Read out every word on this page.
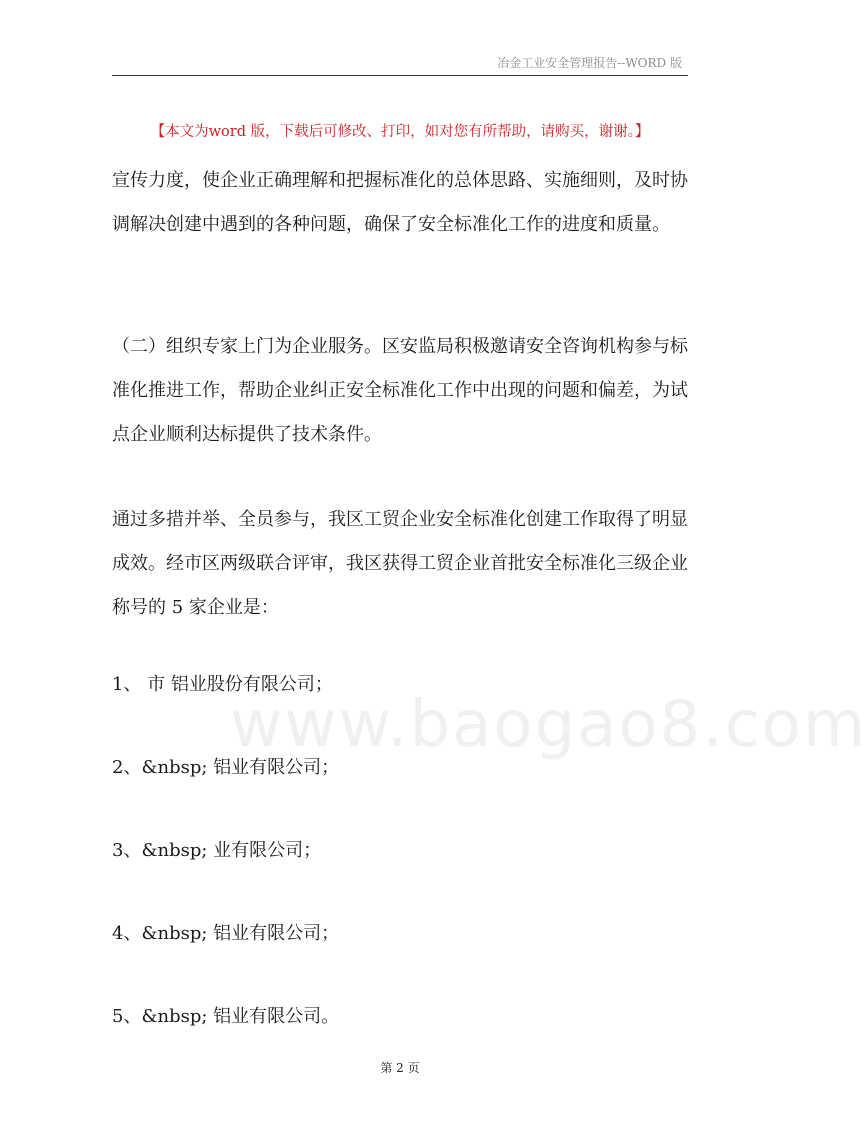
冶金工业安全管理报告--WORD 版
【本文为word 版，下载后可修改、打印，如对您有所帮助，请购买，谢谢。】
宣传力度，使企业正确理解和把握标准化的总体思路、实施细则，及时协调解决创建中遇到的各种问题，确保了安全标准化工作的进度和质量。
（二）组织专家上门为企业服务。区安监局积极邀请安全咨询机构参与标准化推进工作，帮助企业纠正安全标准化工作中出现的问题和偏差，为试点企业顺利达标提供了技术条件。
通过多措并举、全员参与，我区工贸企业安全标准化创建工作取得了明显成效。经市区两级联合评审，我区获得工贸企业首批安全标准化三级企业称号的 5 家企业是：
www.baogao8.com
1、 市 铝业股份有限公司；
2、&nbsp; 铝业有限公司；
3、&nbsp; 业有限公司；
4、&nbsp; 铝业有限公司；
5、&nbsp; 铝业有限公司。
第 2 页
